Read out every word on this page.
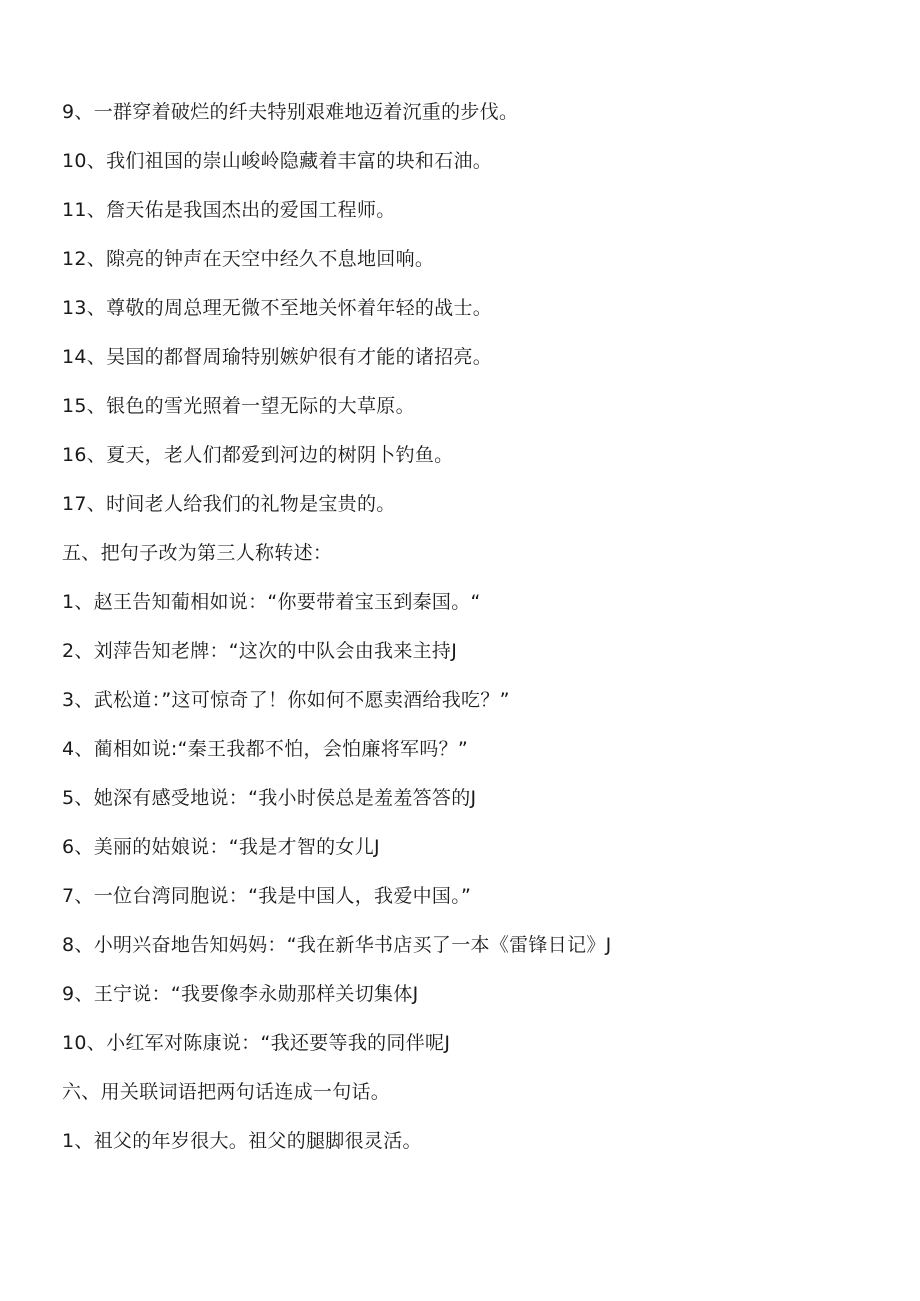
9、一群穿着破烂的纤夫特别艰难地迈着沉重的步伐。
10、我们祖国的崇山峻岭隐藏着丰富的块和石油。
11、詹天佑是我国杰出的爱国工程师。
12、隙亮的钟声在天空中经久不息地回响。
13、尊敬的周总理无微不至地关怀着年轻的战士。
14、吴国的都督周瑜特别嫉妒很有才能的诸招亮。
15、银色的雪光照着一望无际的大草原。
16、夏天，老人们都爱到河边的树阴卜钓鱼。
17、时间老人给我们的礼物是宝贵的。
五、把句子改为第三人称转述：
1、赵王告知葡相如说：“你要带着宝玉到秦国。“
2、刘萍告知老牌：“这次的中队会由我来主持J
3、武松道：”这可惊奇了！你如何不愿卖酒给我吃？”
4、蔺相如说:“秦王我都不怕，会怕廉将军吗？”
5、她深有感受地说：“我小时侯总是羞羞答答的J
6、美丽的姑娘说：“我是才智的女儿J
7、一位台湾同胞说：“我是中国人，我爱中国。”
8、小明兴奋地告知妈妈：“我在新华书店买了一本《雷锋日记》J
9、王宁说：“我要像李永勋那样关切集体J
10、小红军对陈康说：“我还要等我的同伴呢J
六、用关联词语把两句话连成一句话。
1、祖父的年岁很大。祖父的腿脚很灵活。
